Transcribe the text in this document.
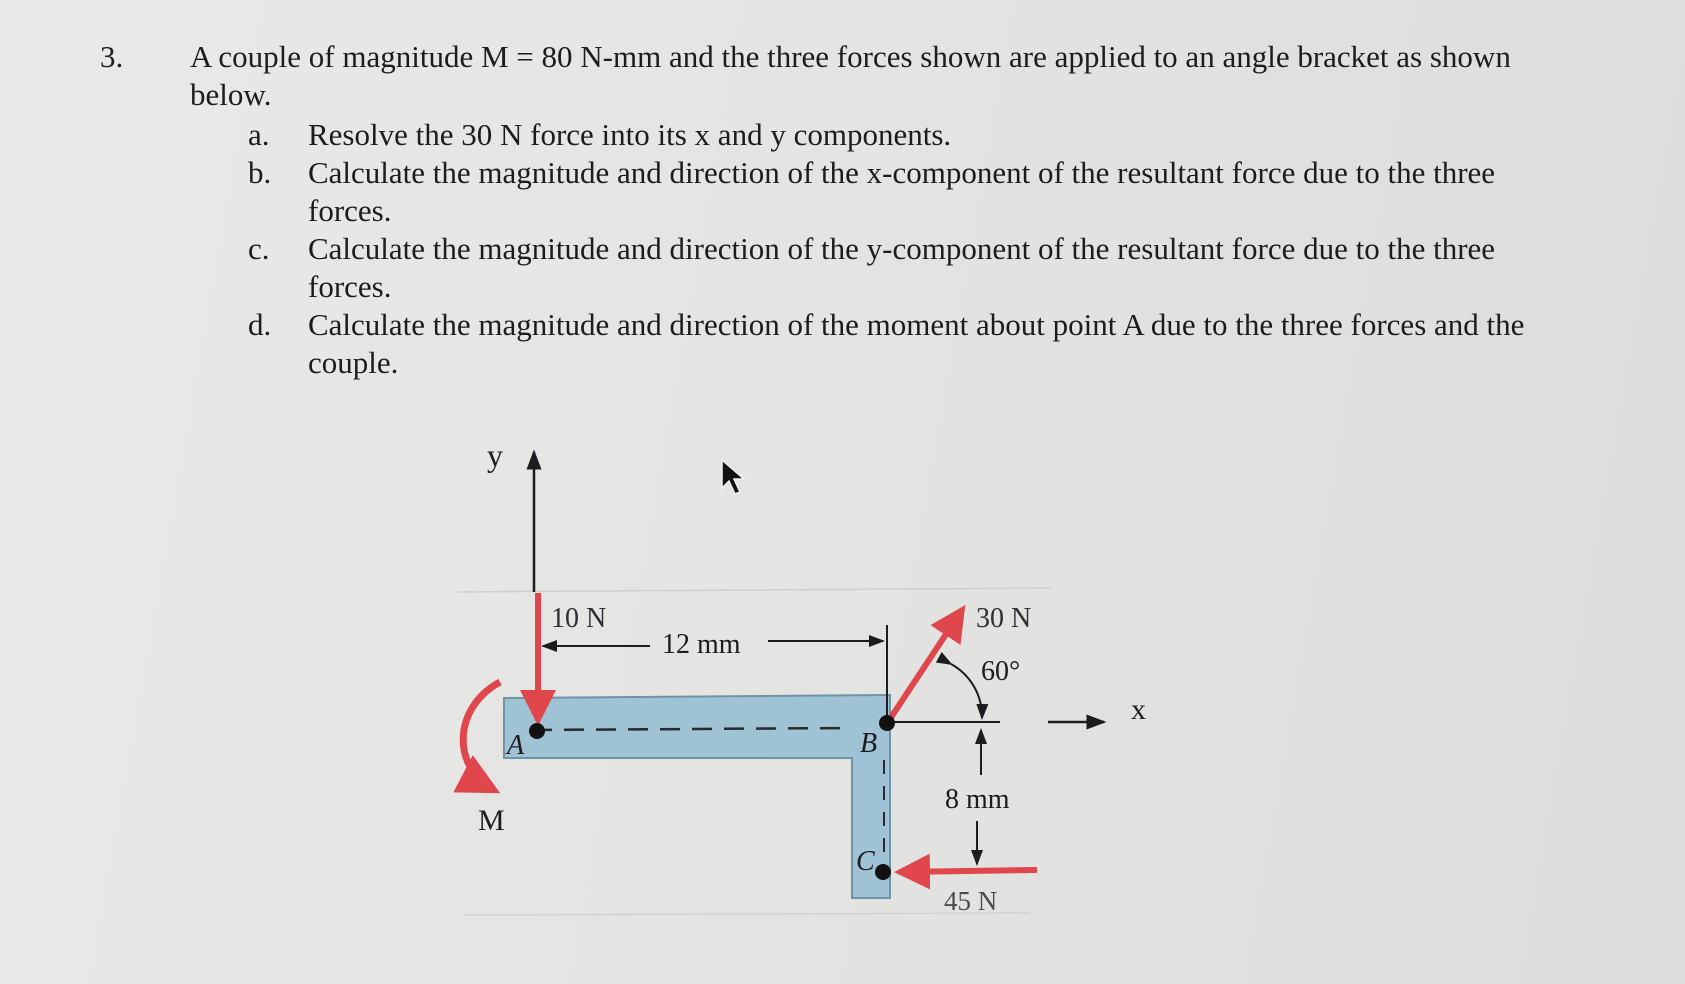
3. A couple of magnitude M = 80 N-mm and the three forces shown are applied to an angle bracket as shown below.
a. Resolve the 30 N force into its x and y components.
b. Calculate the magnitude and direction of the x-component of the resultant force due to the three forces.
c. Calculate the magnitude and direction of the y-component of the resultant force due to the three forces.
d. Calculate the magnitude and direction of the moment about point A due to the three forces and the couple.
y
x
10 N
12 mm
30 N
60°
8 mm
45 N
M
A	B
C
